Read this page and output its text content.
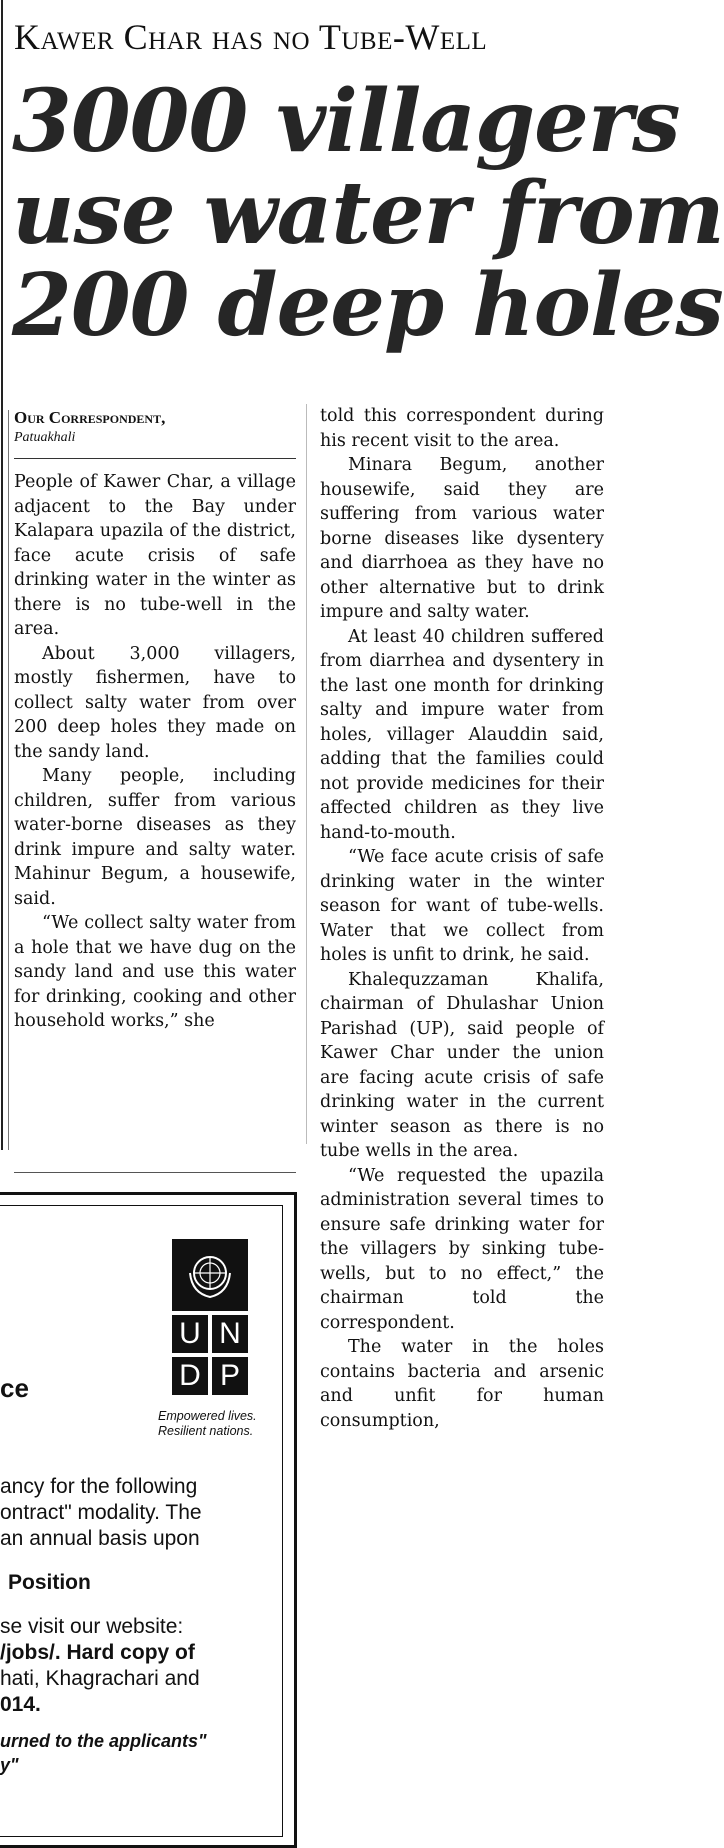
Kawer Char has no Tube-Well
3000 villagers
use water from
200 deep holes
Our Correspondent,
Patuakhali

People of Kawer Char, a village adjacent to the Bay under Kalapara upazila of the district, face acute crisis of safe drinking water in the winter as there is no tube-well in the area.

About 3,000 villagers, mostly fishermen, have to collect salty water from over 200 deep holes they made on the sandy land.

Many people, including children, suffer from various water-borne diseases as they drink impure and salty water. Mahinur Begum, a housewife, said.

“We collect salty water from a hole that we have dug on the sandy land and use this water for drinking, cooking and other household works,” she

told this correspondent during his recent visit to the area.

Minara Begum, another housewife, said they are suffering from various water borne diseases like dysentery and diarrhoea as they have no other alternative but to drink impure and salty water.

At least 40 children suffered from diarrhea and dysentery in the last one month for drinking salty and impure water from holes, villager Alauddin said, adding that the families could not provide medicines for their affected children as they live hand-to-mouth.

“We face acute crisis of safe drinking water in the winter season for want of tube-wells. Water that we collect from holes is unfit to drink, he said.

Khalequzzaman Khalifa, chairman of Dhulashar Union Parishad (UP), said people of Kawer Char under the union are facing acute crisis of safe drinking water in the current winter season as there is no tube wells in the area.

“We requested the upazila administration several times to ensure safe drinking water for the villagers by sinking tube-wells, but to no effect,” the chairman told the correspondent.

The water in the holes contains bacteria and arsenic and unfit for human consumption,

U N
D P
Empowered lives.
Resilient nations.
ce
ancy for the following
ontract" modality. The
an annual basis upon
Position
se visit our website:
/jobs/. Hard copy of
hati, Khagrachari and
014.
urned to the applicants"
y"
